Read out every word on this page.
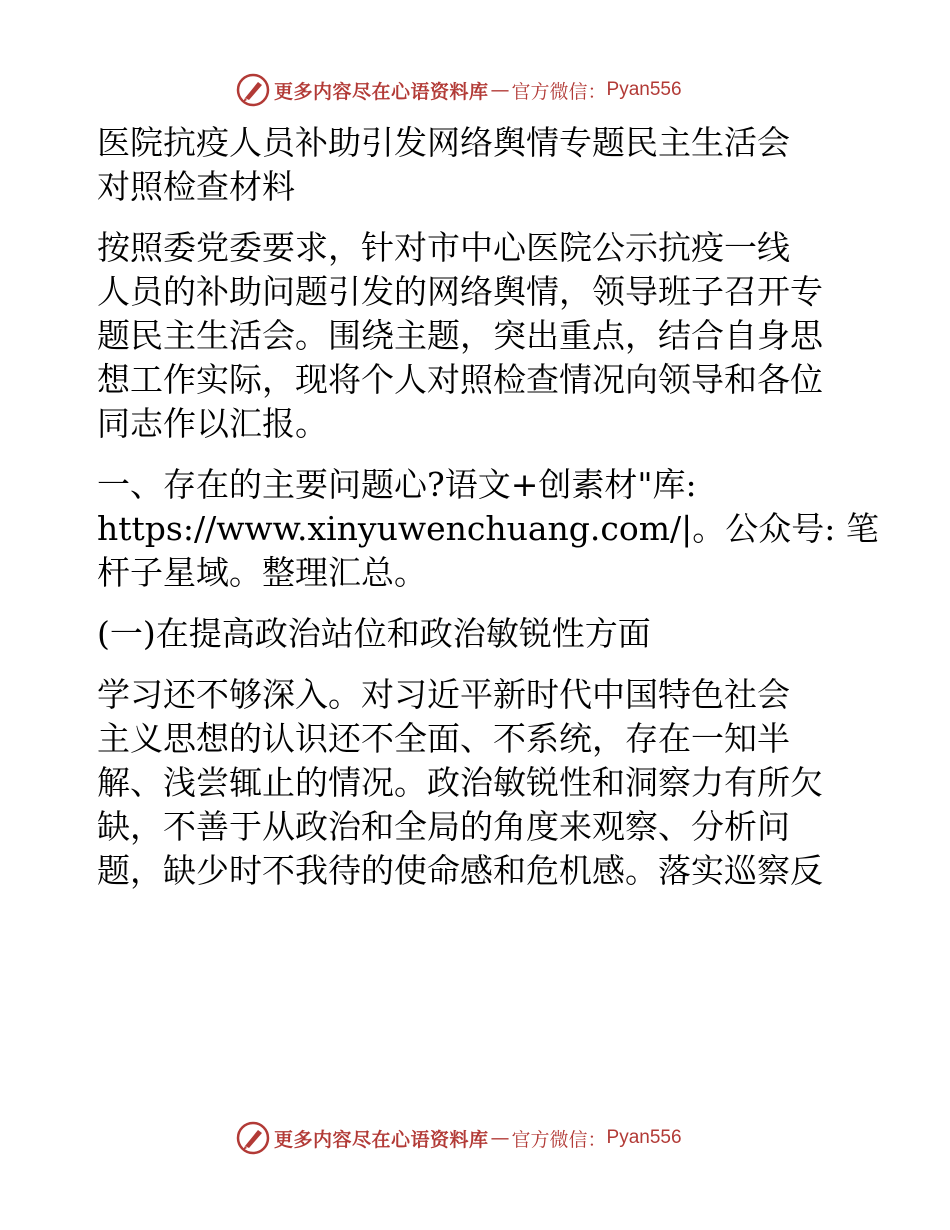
更多内容尽在心语资料库 — 官方微信： Pyan556
医院抗疫人员补助引发网络舆情专题民主生活会
对照检查材料
按照委党委要求，针对市中心医院公示抗疫一线
人员的补助问题引发的网络舆情，领导班子召开专
题民主生活会。围绕主题，突出重点，结合自身思
想工作实际，现将个人对照检查情况向领导和各位
同志作以汇报。
一、存在的主要问题心?语文+创素材"库:
https://www.xinyuwenchuang.com/|。公众号: 笔
杆子星域。整理汇总。
(一)在提高政治站位和政治敏锐性方面
学习还不够深入。对习近平新时代中国特色社会
主义思想的认识还不全面、不系统，存在一知半
解、浅尝辄止的情况。政治敏锐性和洞察力有所欠
缺，不善于从政治和全局的角度来观察、分析问
题，缺少时不我待的使命感和危机感。落实巡察反
更多内容尽在心语资料库 — 官方微信： Pyan556
